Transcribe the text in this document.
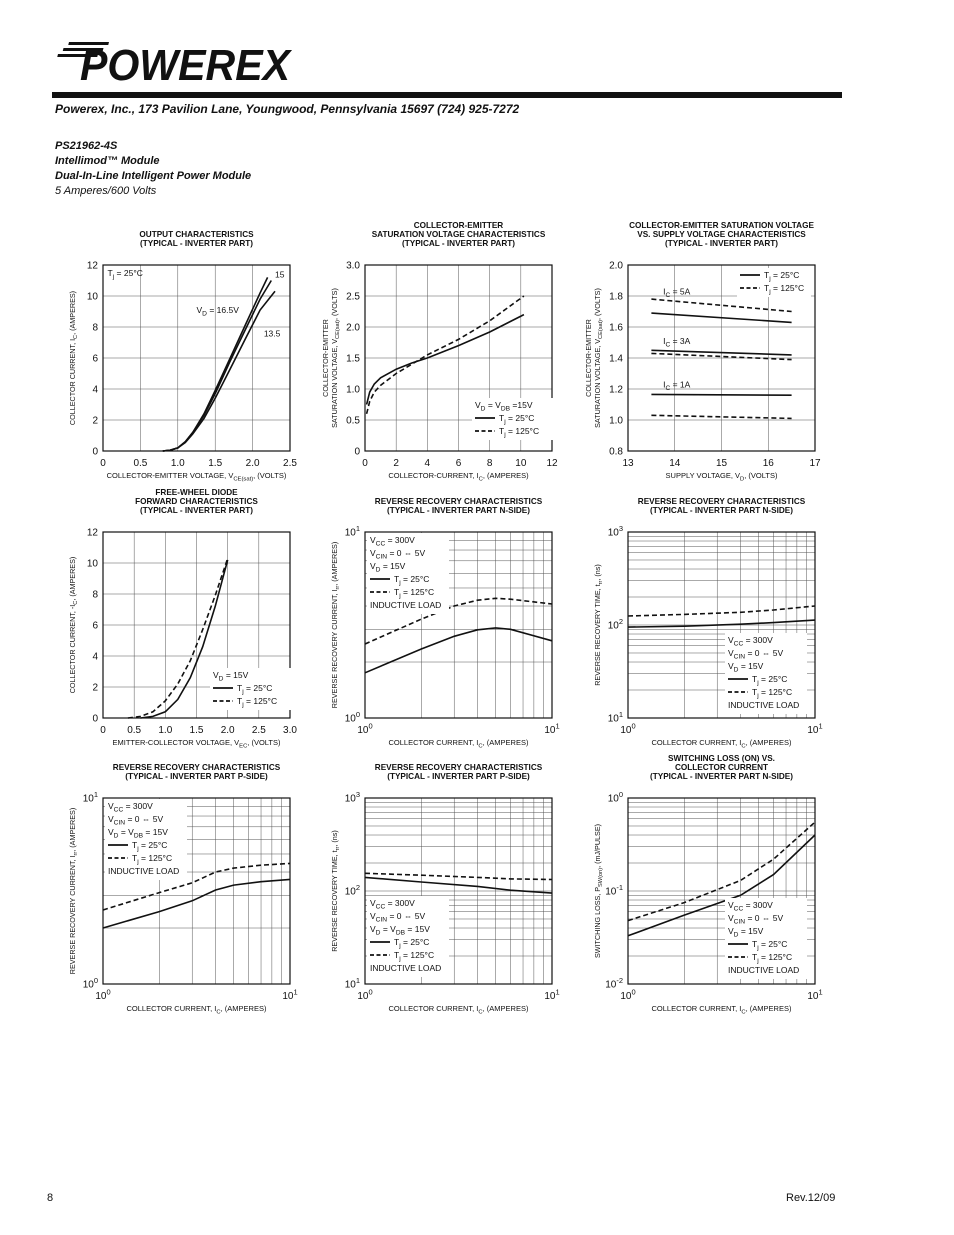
POWEREX
Powerex, Inc., 173 Pavilion Lane, Youngwood, Pennsylvania 15697 (724) 925-7272
PS21962-4S
Intellimod™ Module
Dual-In-Line Intelligent Power Module
5 Amperes/600 Volts
8	Rev.12/09
0	0.5 1.0 1.5 2.0 2.5
0
2
4
6
8
10
12
OUTPUT CHARACTERISTICS
(TYPICAL - INVERTER PART)
COLLECTOR-EMITTER VOLTAGE, $V_{CE(sat)}$, (VOLTS)
COLLECTOR CURRENT, $I_C$, (AMPERES)
$T_j = 25^\circ C$
$V_D = 16.5V$
15
13.5
0	2	4	6	8 10 12
0
0.5
1.0
1.5
2.0
2.5
3.0
COLLECTOR-EMITTER
SATURATION VOLTAGE CHARACTERISTICS
(TYPICAL - INVERTER PART)
COLLECTOR-CURRENT, $I_C$, (AMPERES)
COLLECTOR-EMITTER SATURATION VOLTAGE, $V_{CE(sat)}$, (VOLTS)
$V_D = V_{DB} =15V$
$T_j = 25^\circ C$
$T_j = 125^\circ C$
13	14	15	16	17
0.8
1.0
1.2
1.4
1.6
1.8
2.0
COLLECTOR-EMITTER SATURATION VOLTAGE
VS. SUPPLY VOLTAGE CHARACTERISTICS
(TYPICAL - INVERTER PART)
SUPPLY VOLTAGE, $V_D$, (VOLTS)
COLLECTOR-EMITTER SATURATION VOLTAGE, $V_{CE(sat)}$, (VOLTS)	$I_C = 5A$
$I_C = 3A$
$I_C = 1A$
$T_j = 25^\circ C$
$T_j = 125^\circ C$
0 0.5 1.0 1.5 2.0 2.5 3.0
0
2
4
6
8
10
12
FREE-WHEEL DIODE
FORWARD CHARACTERISTICS
(TYPICAL - INVERTER PART)
EMITTER-COLLECTOR VOLTAGE, $V_{EC}$, (VOLTS)
COLLECTOR CURRENT, $-I_C$, (AMPERES)
$V_D = 15V$
$T_j = 25^\circ C$
$T_j = 125^\circ C$
$10^0$	$10^1$
$10^0$
$10^1$
REVERSE RECOVERY CHARACTERISTICS
(TYPICAL - INVERTER PART N-SIDE)
COLLECTOR CURRENT, $I_C$, (AMPERES)
REVERSE RECOVERY CURRENT, $I_{rr}$, (AMPERES)
$V_{CC} = 300V$
$V_{CIN} = 0$ ⇔ 5V
$V_D = 15V$
$T_j = 25^\circ C$
$T_j = 125^\circ C$
INDUCTIVE LOAD
$10^0$	$10^1$
$10^1$
$10^2$
$10^3$
REVERSE RECOVERY CHARACTERISTICS
(TYPICAL - INVERTER PART N-SIDE)
COLLECTOR CURRENT, $I_C$, (AMPERES)
REVERSE RECOVERY TIME, $t_{rr}$, (ns)
$V_{CC} = 300V$
$V_{CIN} = 0$ ⇔ 5V
$V_D = 15V$
$T_j = 25^\circ C$
$T_j = 125^\circ C$
INDUCTIVE LOAD
$10^0$	$10^1$
$10^0$
$10^1$
REVERSE RECOVERY CHARACTERISTICS
(TYPICAL - INVERTER PART P-SIDE)
COLLECTOR CURRENT, $I_C$, (AMPERES)
REVERSE RECOVERY CURRENT, $I_{rr}$, (AMPERES)
$V_{CC} = 300V$
$V_{CIN} = 0$ ⇔ 5V
$V_D = V_{DB} = 15V$
$T_j = 25^\circ C$
$T_j = 125^\circ C$
INDUCTIVE LOAD
$10^0$	$10^1$
$10^1$
$10^2$
$10^3$
REVERSE RECOVERY CHARACTERISTICS
(TYPICAL - INVERTER PART P-SIDE)
COLLECTOR CURRENT, $I_C$, (AMPERES)
REVERSE RECOVERY TIME, $t_{rr}$, (ns)
$V_{CC} = 300V$
$V_{CIN} = 0$ ⇔ 5V
$V_D = V_{DB} = 15V$
$T_j = 25^\circ C$
$T_j = 125^\circ C$
INDUCTIVE LOAD
$10^0$	$10^1$
$10^{-2}$
$10^{-1}$
$10^0$
SWITCHING LOSS (ON) VS.
COLLECTOR CURRENT
(TYPICAL - INVERTER PART N-SIDE)
COLLECTOR CURRENT, $I_C$, (AMPERES)
SWITCHING LOSS, $P_{SW(on)}$, (mJ/PULSE)
$V_{CC} = 300V$
$V_{CIN} = 0$ ⇔ 5V
$V_D = 15V$
$T_j = 25^\circ C$
$T_j = 125^\circ C$
INDUCTIVE LOAD
